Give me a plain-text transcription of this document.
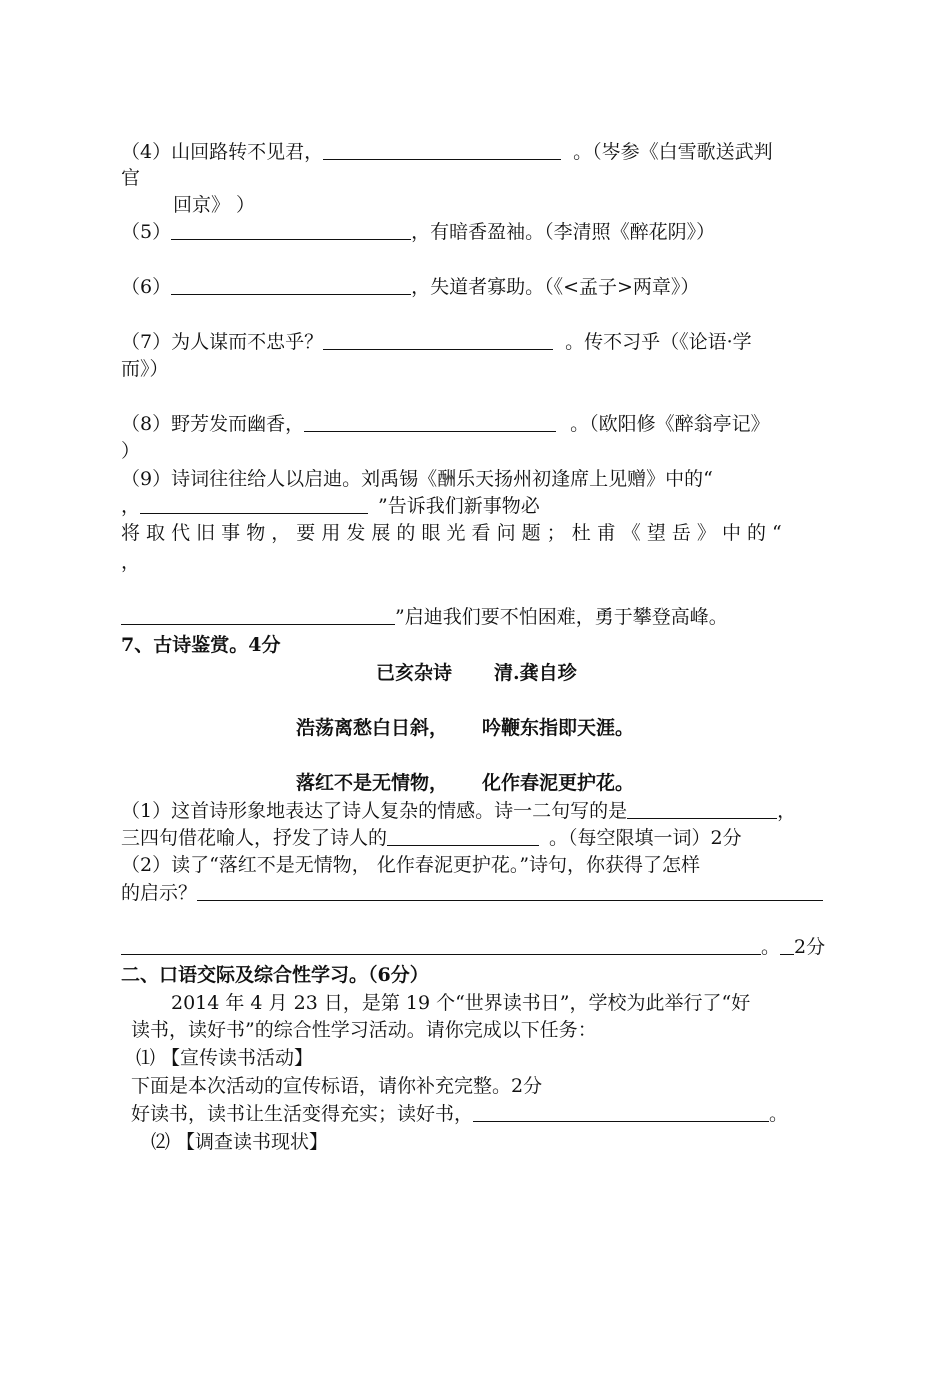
（4）山回路转不见君，	。（岑参《白雪歌送武判
官
回京》 ）
（5）	，有暗香盈袖。（李清照《醉花阴》）
（6）	，失道者寡助。（《<孟子>两章》）
（7）为人谋而不忠乎？	。传不习乎（《论语·学
而》）
（8）野芳发而幽香，	。（欧阳修《醉翁亭记》
）
（9）诗词往往给人以启迪。刘禹锡《酬乐天扬州初逢席上见赠》中的“
，	”告诉我们新事物必
将 取 代 旧 事 物 ， 要 用 发 展 的 眼 光 看 问 题 ； 杜 甫 《 望 岳 》 中 的 “
，
”启迪我们要不怕困难，勇于攀登高峰。
7、古诗鉴赏。4分
已亥杂诗 清.龚自珍
浩荡离愁白日斜， 吟鞭东指即天涯。
落红不是无情物， 化作春泥更护花。
（1）这首诗形象地表达了诗人复杂的情感。诗一二句写的是	，
三四句借花喻人，抒发了诗人的	。（每空限填一词）2分
（2）读了“落红不是无情物， 化作春泥更护花。”诗句，你获得了怎样
的启示？
。 2分
二、口语交际及综合性学习。（6分）
2014 年 4 月 23 日，是第 19 个“世界读书日”，学校为此举行了“好
读书，读好书”的综合性学习活动。请你完成以下任务：
⑴ 【宣传读书活动】
下面是本次活动的宣传标语，请你补充完整。2分
好读书，读书让生活变得充实；读好书，	。
⑵ 【调查读书现状】
